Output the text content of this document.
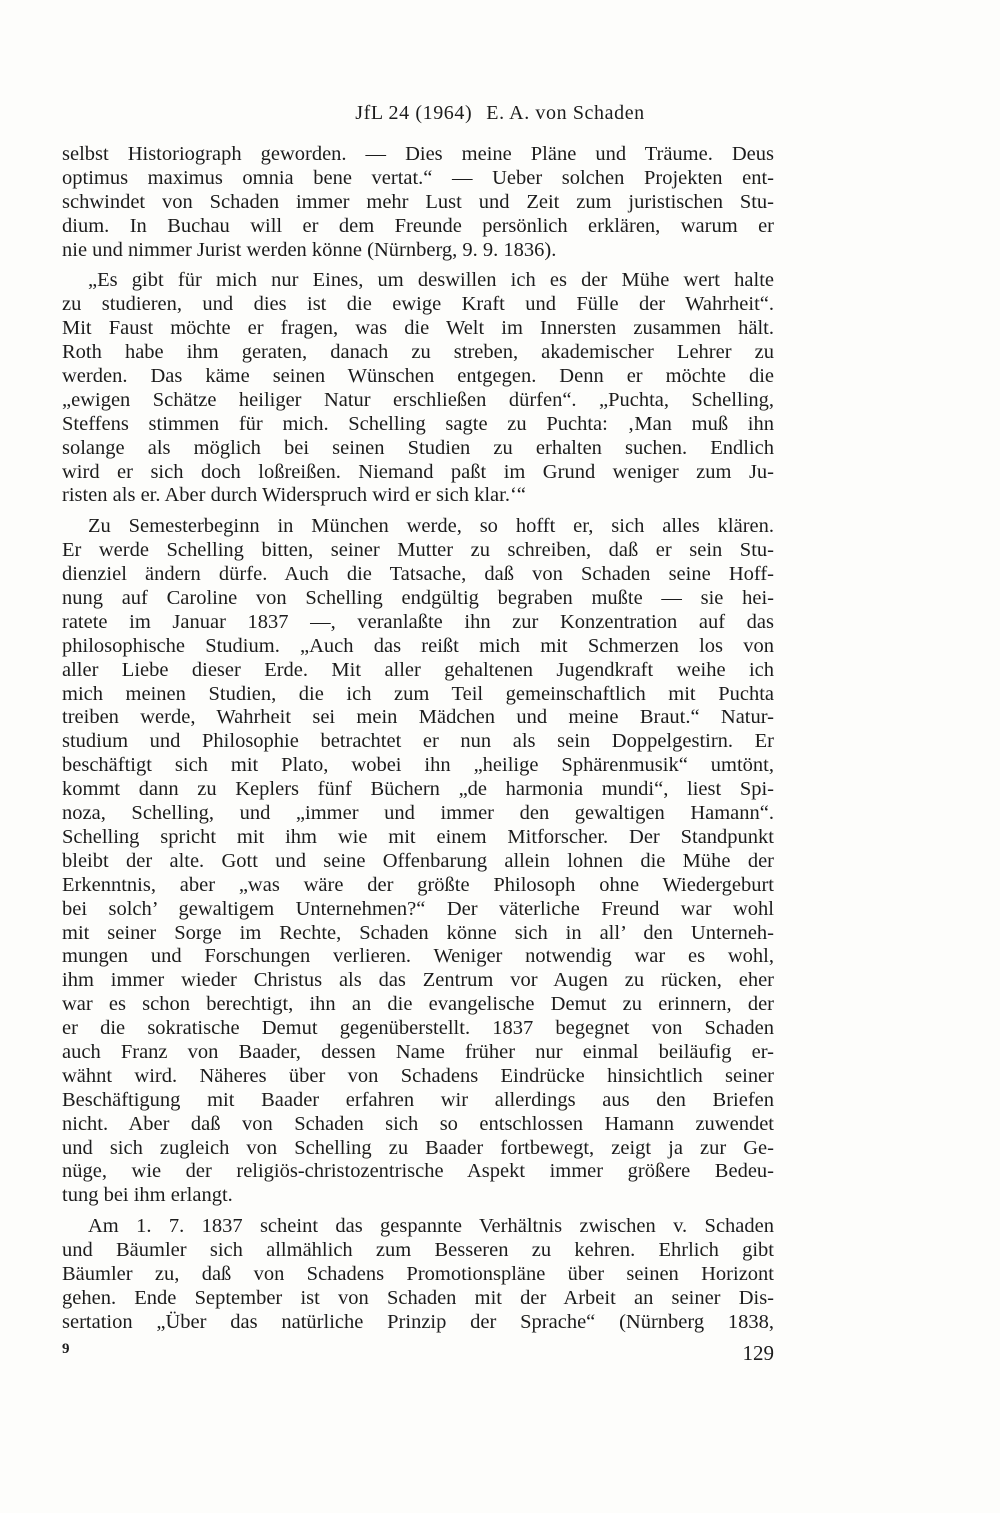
JfL 24 (1964) E. A. von Schaden
selbst Historiograph geworden. — Dies meine Pläne und Träume. Deus
optimus maximus omnia bene vertat.“ — Ueber solchen Projekten ent-
schwindet von Schaden immer mehr Lust und Zeit zum juristischen Stu-
dium. In Buchau will er dem Freunde persönlich erklären, warum er
nie und nimmer Jurist werden könne (Nürnberg, 9. 9. 1836).
„Es gibt für mich nur Eines, um deswillen ich es der Mühe wert halte
zu studieren, und dies ist die ewige Kraft und Fülle der Wahrheit“.
Mit Faust möchte er fragen, was die Welt im Innersten zusammen hält.
Roth habe ihm geraten, danach zu streben, akademischer Lehrer zu
werden. Das käme seinen Wünschen entgegen. Denn er möchte die
„ewigen Schätze heiliger Natur erschließen dürfen“. „Puchta, Schelling,
Steffens stimmen für mich. Schelling sagte zu Puchta: ‚Man muß ihn
solange als möglich bei seinen Studien zu erhalten suchen. Endlich
wird er sich doch loßreißen. Niemand paßt im Grund weniger zum Ju-
risten als er. Aber durch Widerspruch wird er sich klar.‘“
Zu Semesterbeginn in München werde, so hofft er, sich alles klären.
Er werde Schelling bitten, seiner Mutter zu schreiben, daß er sein Stu-
dienziel ändern dürfe. Auch die Tatsache, daß von Schaden seine Hoff-
nung auf Caroline von Schelling endgültig begraben mußte — sie hei-
ratete im Januar 1837 —, veranlaßte ihn zur Konzentration auf das
philosophische Studium. „Auch das reißt mich mit Schmerzen los von
aller Liebe dieser Erde. Mit aller gehaltenen Jugendkraft weihe ich
mich meinen Studien, die ich zum Teil gemeinschaftlich mit Puchta
treiben werde, Wahrheit sei mein Mädchen und meine Braut.“ Natur-
studium und Philosophie betrachtet er nun als sein Doppelgestirn. Er
beschäftigt sich mit Plato, wobei ihn „heilige Sphärenmusik“ umtönt,
kommt dann zu Keplers fünf Büchern „de harmonia mundi“, liest Spi-
noza, Schelling, und „immer und immer den gewaltigen Hamann“.
Schelling spricht mit ihm wie mit einem Mitforscher. Der Standpunkt
bleibt der alte. Gott und seine Offenbarung allein lohnen die Mühe der
Erkenntnis, aber „was wäre der größte Philosoph ohne Wiedergeburt
bei solch’ gewaltigem Unternehmen?“ Der väterliche Freund war wohl
mit seiner Sorge im Rechte, Schaden könne sich in all’ den Unterneh-
mungen und Forschungen verlieren. Weniger notwendig war es wohl,
ihm immer wieder Christus als das Zentrum vor Augen zu rücken, eher
war es schon berechtigt, ihn an die evangelische Demut zu erinnern, der
er die sokratische Demut gegenüberstellt. 1837 begegnet von Schaden
auch Franz von Baader, dessen Name früher nur einmal beiläufig er-
wähnt wird. Näheres über von Schadens Eindrücke hinsichtlich seiner
Beschäftigung mit Baader erfahren wir allerdings aus den Briefen
nicht. Aber daß von Schaden sich so entschlossen Hamann zuwendet
und sich zugleich von Schelling zu Baader fortbewegt, zeigt ja zur Ge-
nüge, wie der religiös-christozentrische Aspekt immer größere Bedeu-
tung bei ihm erlangt.
Am 1. 7. 1837 scheint das gespannte Verhältnis zwischen v. Schaden
und Bäumler sich allmählich zum Besseren zu kehren. Ehrlich gibt
Bäumler zu, daß von Schadens Promotionspläne über seinen Horizont
gehen. Ende September ist von Schaden mit der Arbeit an seiner Dis-
sertation „Über das natürliche Prinzip der Sprache“ (Nürnberg 1838,
9	129
